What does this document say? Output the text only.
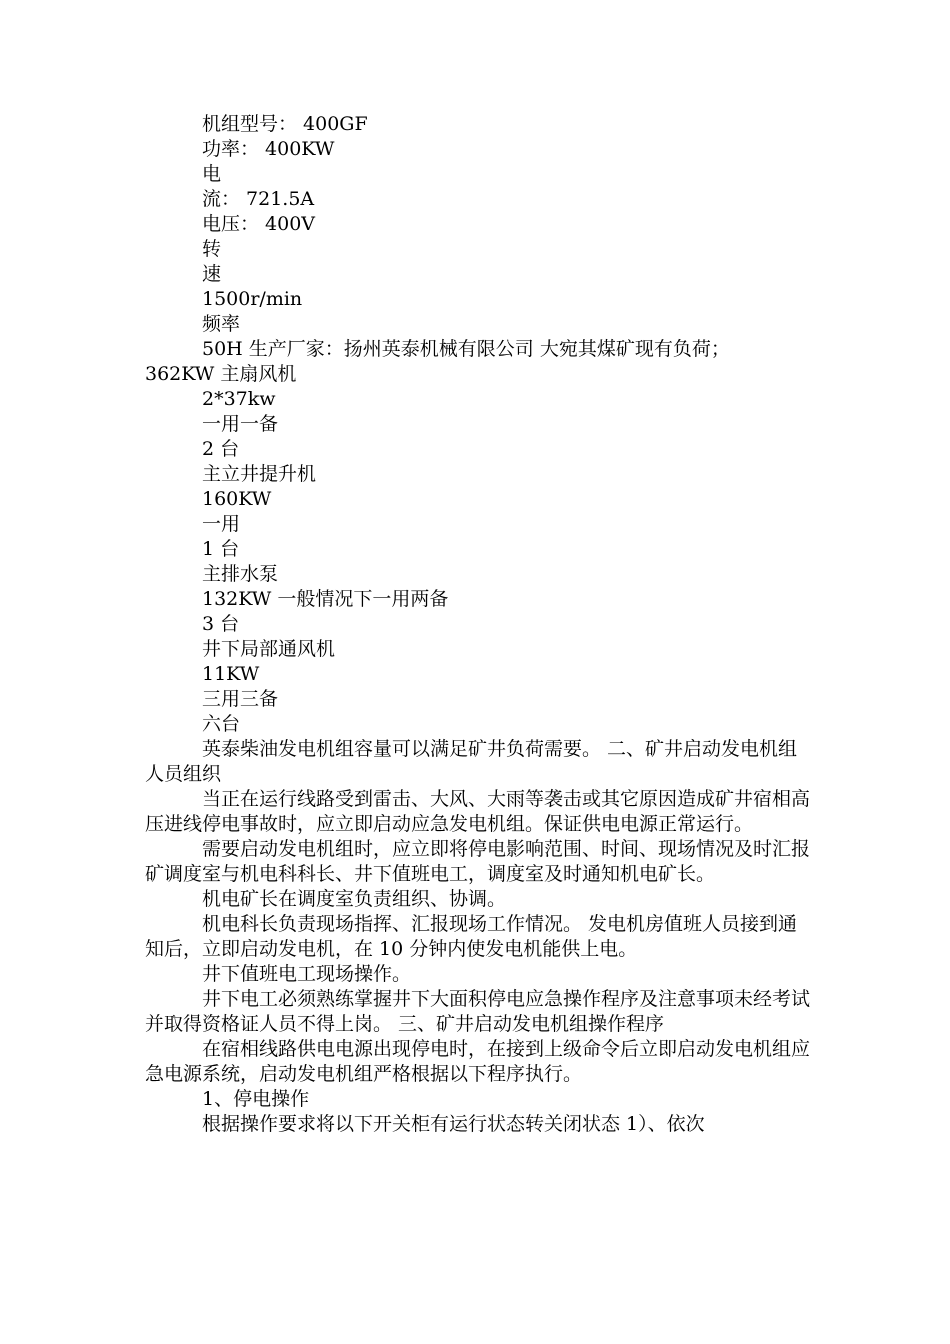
机组型号： 400GF
功率： 400KW
电
流： 721.5A
电压： 400V
转
速
1500r/min
频率
50H 生产厂家：扬州英泰机械有限公司 大宛其煤矿现有负荷；
362KW 主扇风机
2*37kw
一用一备
2 台
主立井提升机
160KW
一用
1 台
主排水泵
132KW 一般情况下一用两备
3 台
井下局部通风机
11KW
三用三备
六台

英泰柴油发电机组容量可以满足矿井负荷需要。 二、矿井启动发电机组人员组织

当正在运行线路受到雷击、大风、大雨等袭击或其它原因造成矿井宿相高压进线停电事故时，应立即启动应急发电机组。保证供电电源正常运行。

需要启动发电机组时，应立即将停电影响范围、时间、现场情况及时汇报矿调度室与机电科科长、井下值班电工，调度室及时通知机电矿长。

机电矿长在调度室负责组织、协调。

机电科长负责现场指挥、汇报现场工作情况。 发电机房值班人员接到通知后，立即启动发电机，在 10 分钟内使发电机能供上电。

井下值班电工现场操作。

井下电工必须熟练掌握井下大面积停电应急操作程序及注意事项未经考试并取得资格证人员不得上岗。 三、矿井启动发电机组操作程序

在宿相线路供电电源出现停电时，在接到上级命令后立即启动发电机组应急电源系统，启动发电机组严格根据以下程序执行。

1、停电操作

根据操作要求将以下开关柜有运行状态转关闭状态 1）、依次
